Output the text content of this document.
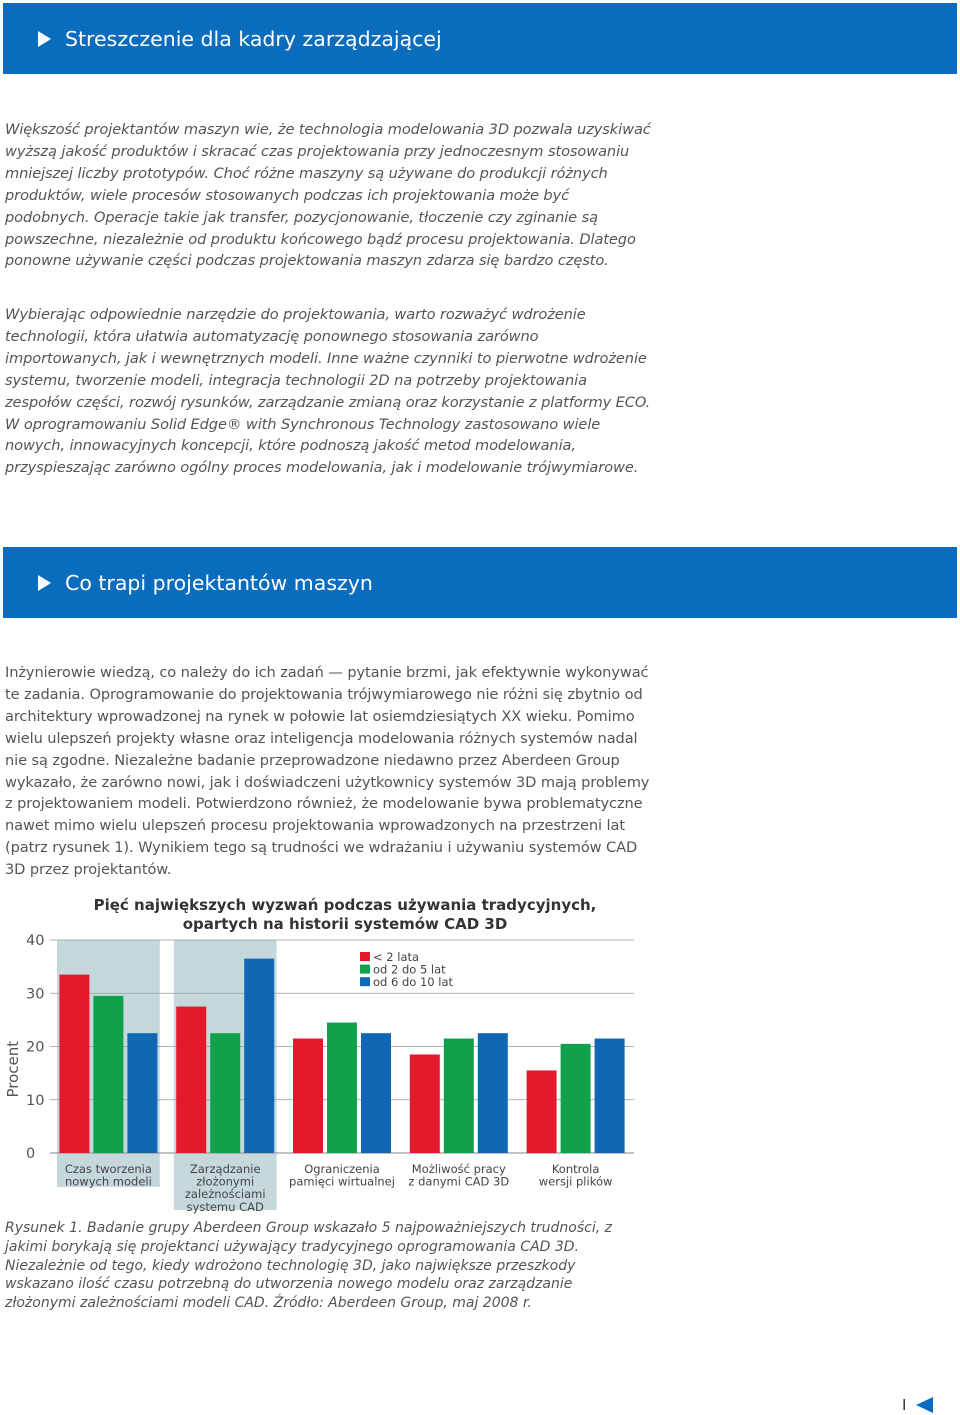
Streszczenie dla kadry zarządzającej

Większość projektantów maszyn wie, że technologia modelowania 3D pozwala uzyskiwać wyższą jakość produktów i skracać czas projektowania przy jednoczesnym stosowaniu mniejszej liczby prototypów. Choć różne maszyny są używane do produkcji różnych produktów, wiele procesów stosowanych podczas ich projektowania może być podobnych. Operacje takie jak transfer, pozycjonowanie, tłoczenie czy zginanie są powszechne, niezależnie od produktu końcowego bądź procesu projektowania. Dlatego ponowne używanie części podczas projektowania maszyn zdarza się bardzo często.

Wybierając odpowiednie narzędzie do projektowania, warto rozważyć wdrożenie technologii, która ułatwia automatyzację ponownego stosowania zarówno importowanych, jak i wewnętrznych modeli. Inne ważne czynniki to pierwotne wdrożenie systemu, tworzenie modeli, integracja technologii 2D na potrzeby projektowania zespołów części, rozwój rysunków, zarządzanie zmianą oraz korzystanie z platformy ECO. W oprogramowaniu Solid Edge® with Synchronous Technology zastosowano wiele nowych, innowacyjnych koncepcji, które podnoszą jakość metod modelowania, przyspieszając zarówno ogólny proces modelowania, jak i modelowanie trójwymiarowe.

Co trapi projektantów maszyn

Inżynierowie wiedzą, co należy do ich zadań — pytanie brzmi, jak efektywnie wykonywać te zadania. Oprogramowanie do projektowania trójwymiarowego nie różni się zbytnio od architektury wprowadzonej na rynek w połowie lat osiemdziesiątych XX wieku. Pomimo wielu ulepszeń projekty własne oraz inteligencja modelowania różnych systemów nadal nie są zgodne. Niezależne badanie przeprowadzone niedawno przez Aberdeen Group wykazało, że zarówno nowi, jak i doświadczeni użytkownicy systemów 3D mają problemy z projektowaniem modeli. Potwierdzono również, że modelowanie bywa problematyczne nawet mimo wielu ulepszeń procesu projektowania wprowadzonych na przestrzeni lat (patrz rysunek 1). Wynikiem tego są trudności we wdrażaniu i używaniu systemów CAD 3D przez projektantów.

Pięć największych wyzwań podczas używania tradycyjnych, opartych na historii systemów CAD 3D
0
10
20
30
40
Procent
Czas tworzenia nowych modeli
Zarządzanie złożonymi zależnościami systemu CAD
Ograniczenia pamięci wirtualnej
Możliwość pracy z danymi CAD 3D
Kontrola wersji plików
< 2 lata
od 2 do 5 lat
od 6 do 10 lat

Rysunek 1. Badanie grupy Aberdeen Group wskazało 5 najpoważniejszych trudności, z jakimi borykają się projektanci używający tradycyjnego oprogramowania CAD 3D. Niezależnie od tego, kiedy wdrożono technologię 3D, jako największe przeszkody wskazano ilość czasu potrzebną do utworzenia nowego modelu oraz zarządzanie złożonymi zależnościami modeli CAD. Źródło: Aberdeen Group, maj 2008 r.

I
